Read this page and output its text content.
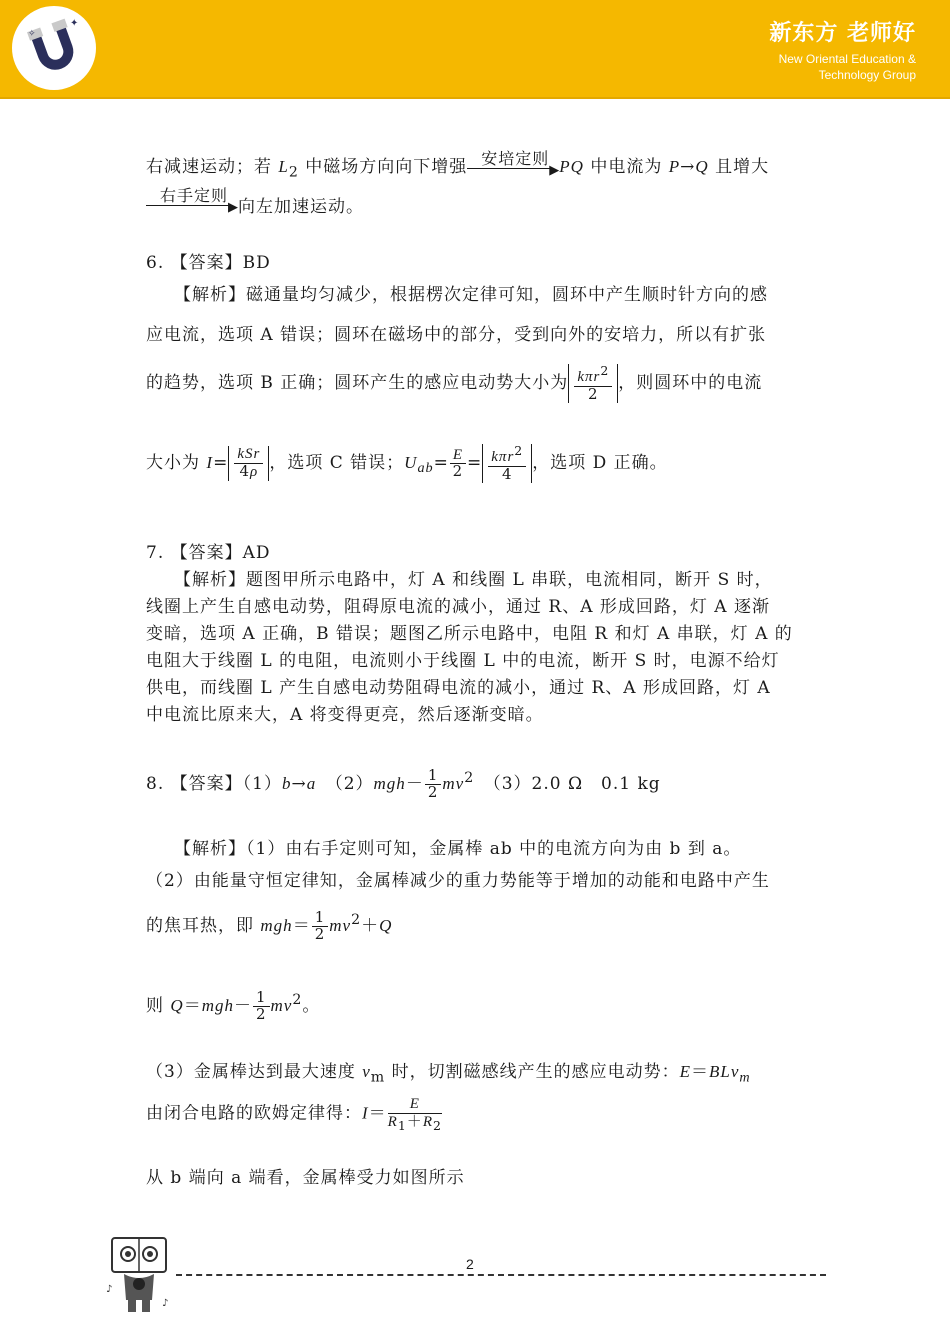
✦
✧	新东方 老师好
New Oriental Education &
Technology Group
右减速运动；若 $L_2$ 中磁场方向向下增强 安培定则
▶PQ 中电流为 P→Q 且增大
右手定则
▶向左加速运动。
6. 【答案】BD
【解析】磁通量均匀减少，根据楞次定律可知，圆环中产生顺时针方向的感
应电流，选项 A 错误；圆环在磁场中的部分，受到向外的安培力，所以有扩张
的趋势，选项 B 正确；圆环产生的感应电动势大小为 $\frac{k\pi r^2}{2}$ ，则圆环中的电流
大小为 $I= \frac{\text{kSr}}{4\rho}$ ，选项 C 错误；$U_{ab}= \frac{E}{2} = \frac{k\pi r^2}{4}$ ，选项 D 正确。
7. 【答案】AD
【解析】题图甲所示电路中，灯 A 和线圈 L 串联，电流相同，断开 S 时，
线圈上产生自感电动势，阻碍原电流的减小，通过 R、A 形成回路，灯 A 逐渐
变暗，选项 A 正确，B 错误；题图乙所示电路中，电阻 R 和灯 A 串联，灯 A 的
电阻大于线圈 L 的电阻，电流则小于线圈 L 中的电流，断开 S 时，电源不给灯
供电，而线圈 L 产生自感电动势阻碍电流的减小，通过 R、A 形成回路，灯 A
中电流比原来大，A 将变得更亮，然后逐渐变暗。
8. 【答案】（1）b→a　 $(2)mgh- \frac{1}{2} mv^2$　 （3）2.0 Ω　0.1 kg
【解析】（1）由右手定则可知，金属棒 ab 中的电流方向为由 b 到 a。
（2）由能量守恒定律知，金属棒减少的重力势能等于增加的动能和电路中产生
的焦耳热，即 $mgh= \frac{1}{2} mv^2+Q$
则 $Q=mgh- \frac{1}{2} mv^2$。
（3）金属棒达到最大速度 $v_m$ 时，切割磁感线产生的感应电动势：E＝BLv$_m$
由闭合电路的欧姆定律得：$I= \frac{E}{R_1+R_2}$
从 b 端向 a 端看，金属棒受力如图所示
♪
♪
2
